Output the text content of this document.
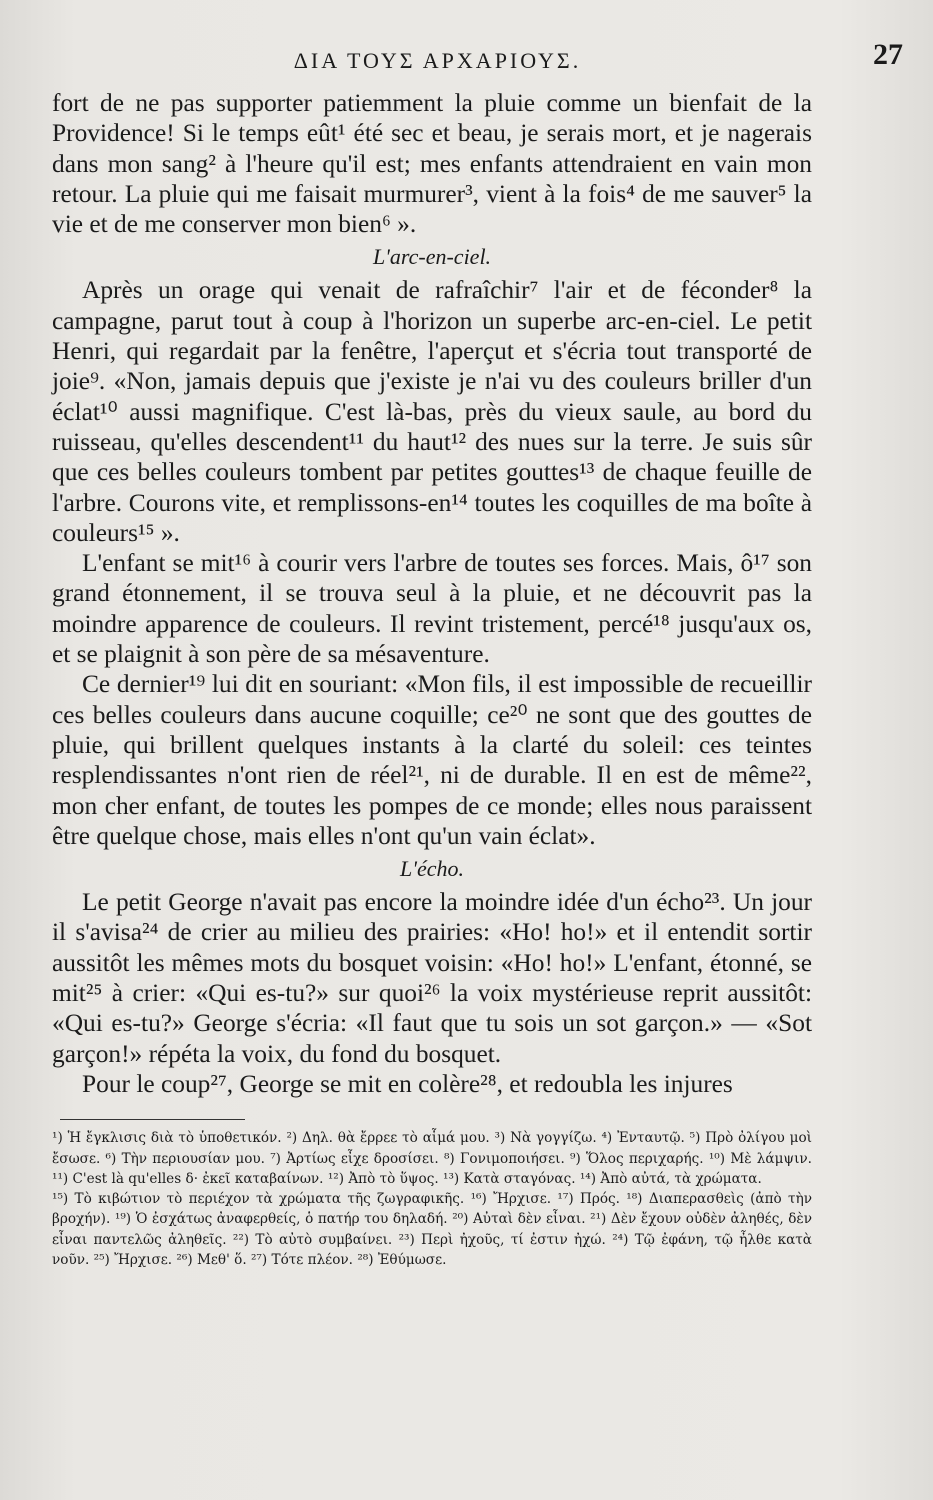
ΔΙΑ ΤΟΥΣ ΑΡΧΑΡΙΟΥΣ.	27

fort de ne pas supporter patiemment la pluie comme un bienfait de la Providence! Si le temps eût¹ été sec et beau, je serais mort, et je nagerais dans mon sang² à l'heure qu'il est; mes enfants attendraient en vain mon retour. La pluie qui me faisait murmurer³, vient à la fois⁴ de me sauver⁵ la vie et de me conserver mon bien⁶ ».

L'arc-en-ciel.

Après un orage qui venait de rafraîchir⁷ l'air et de féconder⁸ la campagne, parut tout à coup à l'horizon un superbe arc-en-ciel. Le petit Henri, qui regardait par la fenêtre, l'aperçut et s'écria tout transporté de joie⁹. «Non, jamais depuis que j'existe je n'ai vu des couleurs briller d'un éclat¹⁰ aussi magnifique. C'est là-bas, près du vieux saule, au bord du ruisseau, qu'elles descendent¹¹ du haut¹² des nues sur la terre. Je suis sûr que ces belles couleurs tombent par petites gouttes¹³ de chaque feuille de l'arbre. Courons vite, et remplissons-en¹⁴ toutes les coquilles de ma boîte à couleurs¹⁵ ».

L'enfant se mit¹⁶ à courir vers l'arbre de toutes ses forces. Mais, ô¹⁷ son grand étonnement, il se trouva seul à la pluie, et ne découvrit pas la moindre apparence de couleurs. Il revint tristement, percé¹⁸ jusqu'aux os, et se plaignit à son père de sa mésaventure.

Ce dernier¹⁹ lui dit en souriant: «Mon fils, il est impossible de recueillir ces belles couleurs dans aucune coquille; ce²⁰ ne sont que des gouttes de pluie, qui brillent quelques instants à la clarté du soleil: ces teintes resplendissantes n'ont rien de réel²¹, ni de durable. Il en est de même²², mon cher enfant, de toutes les pompes de ce monde; elles nous paraissent être quelque chose, mais elles n'ont qu'un vain éclat».

L'écho.

Le petit George n'avait pas encore la moindre idée d'un écho²³. Un jour il s'avisa²⁴ de crier au milieu des prairies: «Ho! ho!» et il entendit sortir aussitôt les mêmes mots du bosquet voisin: «Ho! ho!» L'enfant, étonné, se mit²⁵ à crier: «Qui es-tu?» sur quoi²⁶ la voix mystérieuse reprit aussitôt: «Qui es-tu?» George s'écria: «Il faut que tu sois un sot garçon.» — «Sot garçon!» répéta la voix, du fond du bosquet.

Pour le coup²⁷, George se mit en colère²⁸, et redoubla les injures

¹) Ἡ ἔγκλισις διὰ τὸ ὑποθετικόν. ²) Δηλ. θὰ ἔρρεε τὸ αἷμά μου. ³) Νὰ γογγίζω. ⁴) Ἐνταυτῷ. ⁵) Πρὸ ὀλίγου μοὶ ἔσωσε. ⁶) Τὴν περιουσίαν μου. ⁷) Ἀρτίως εἶχε δροσίσει. ⁸) Γονιμοποιήσει. ⁹) Ὅλος περιχαρής. ¹⁰) Μὲ λάμψιν. ¹¹) C'est là qu'elles δ· ἐκεῖ καταβαίνων. ¹²) Ἀπὸ τὸ ὕψος. ¹³) Κατὰ σταγόνας. ¹⁴) Ἀπὸ αὐτά, τὰ χρώματα.

¹⁵) Τὸ κιβώτιον τὸ περιέχον τὰ χρώματα τῆς ζωγραφικῆς. ¹⁶) Ἤρχισε. ¹⁷) Πρός. ¹⁸) Διαπερασθεὶς (ἀπὸ τὴν βροχήν). ¹⁹) Ὁ ἐσχάτως ἀναφερθείς, ὁ πατήρ του δηλαδή. ²⁰) Αὐταὶ δὲν εἶναι. ²¹) Δὲν ἔχουν οὐδὲν ἀληθές, δὲν εἶναι παντελῶς ἀληθεῖς. ²²) Τὸ αὐτὸ συμβαίνει. ²³) Περὶ ἠχοῦς, τί ἐστιν ἠχώ. ²⁴) Τῷ ἐφάνη, τῷ ἦλθε κατὰ νοῦν. ²⁵) Ἤρχισε. ²⁶) Μεθ' ὅ. ²⁷) Τότε πλέον. ²⁸) Ἐθύμωσε.
